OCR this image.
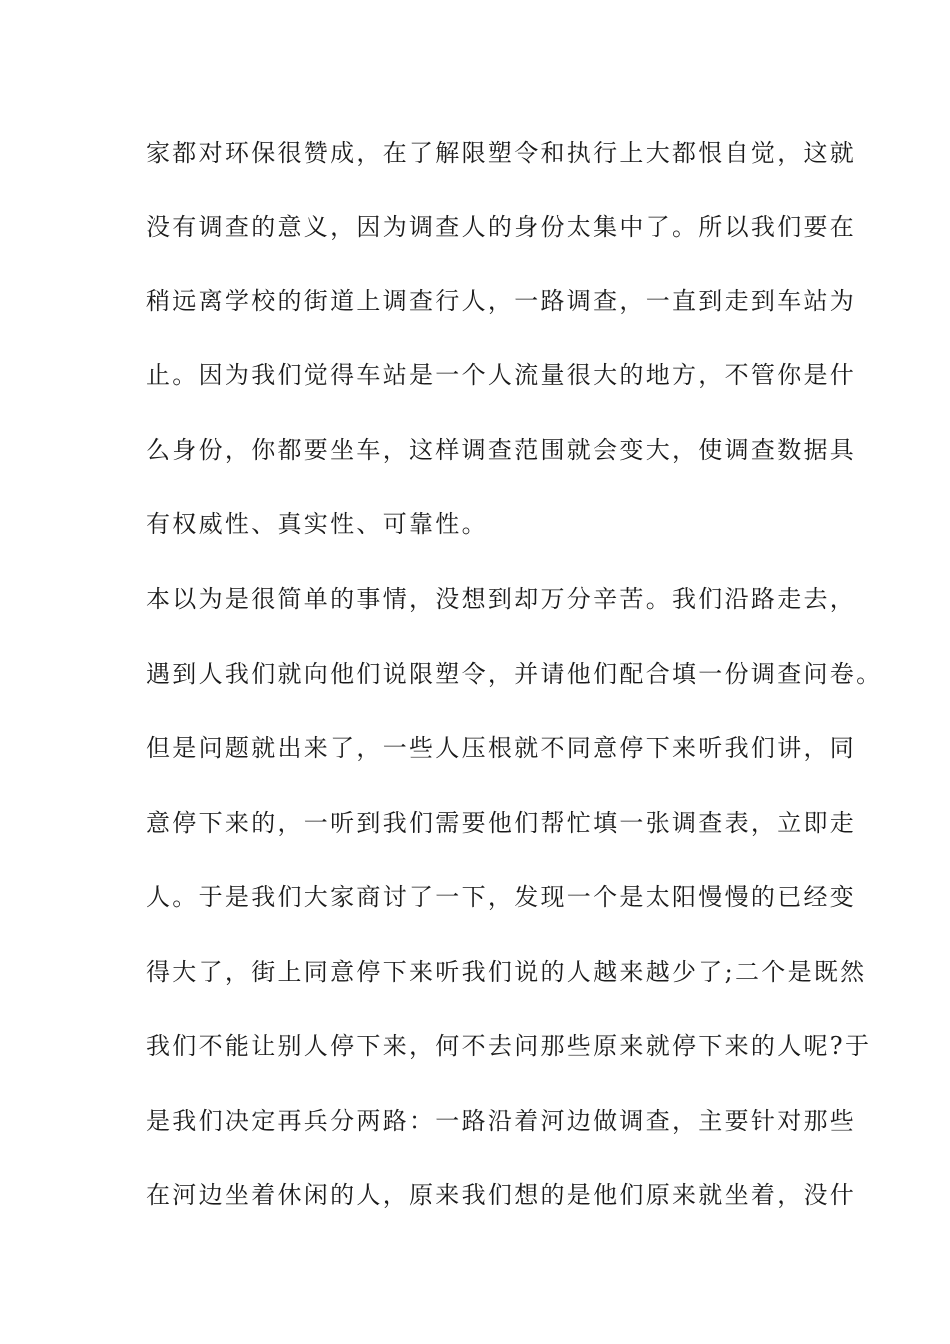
家都对环保很赞成，在了解限塑令和执行上大都恨自觉，这就
没有调查的意义，因为调查人的身份太集中了。所以我们要在
稍远离学校的街道上调查行人，一路调查，一直到走到车站为
止。因为我们觉得车站是一个人流量很大的地方，不管你是什
么身份，你都要坐车，这样调查范围就会变大，使调查数据具
有权威性、真实性、可靠性。
本以为是很简单的事情，没想到却万分辛苦。我们沿路走去，
遇到人我们就向他们说限塑令，并请他们配合填一份调查问卷。
但是问题就出来了，一些人压根就不同意停下来听我们讲，同
意停下来的，一听到我们需要他们帮忙填一张调查表，立即走
人。于是我们大家商讨了一下，发现一个是太阳慢慢的已经变
得大了，街上同意停下来听我们说的人越来越少了;二个是既然
我们不能让别人停下来，何不去问那些原来就停下来的人呢?于
是我们决定再兵分两路：一路沿着河边做调查，主要针对那些
在河边坐着休闲的人，原来我们想的是他们原来就坐着，没什
